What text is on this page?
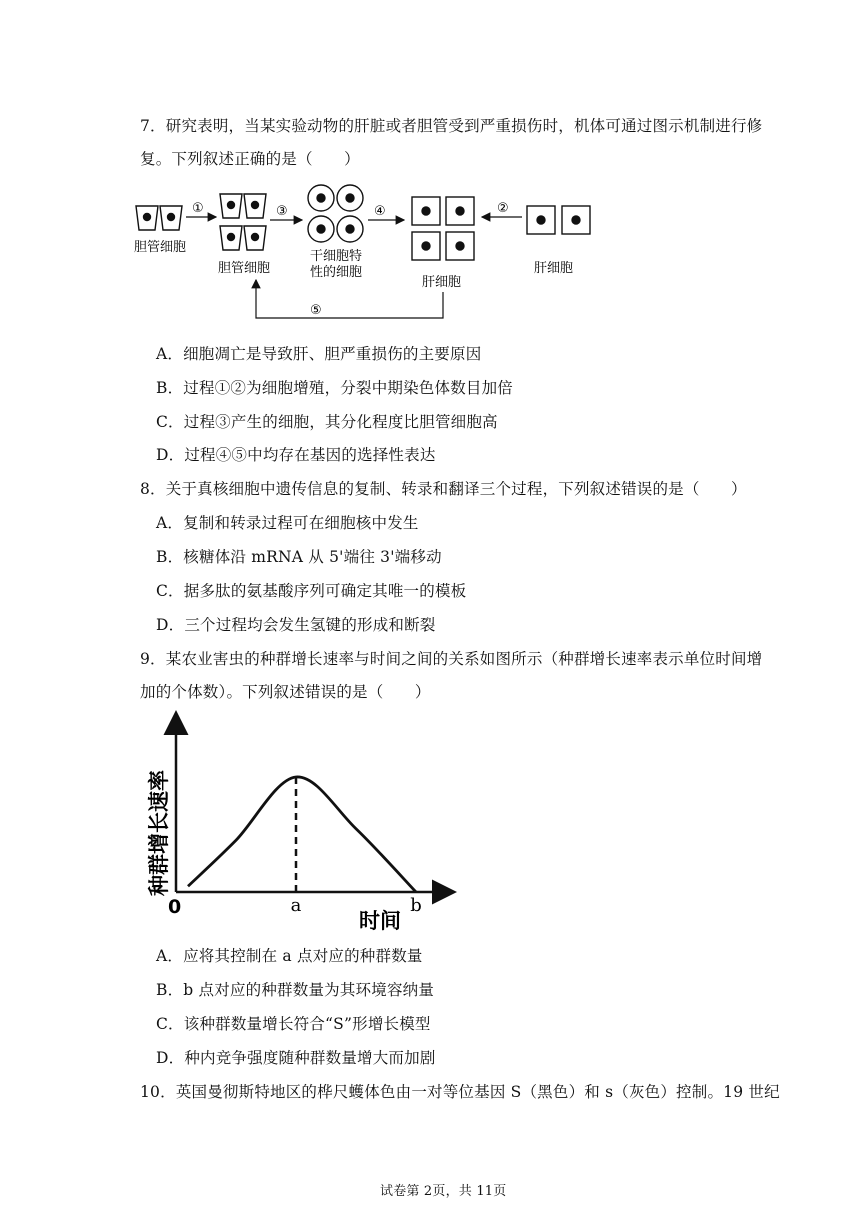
7．研究表明，当某实验动物的肝脏或者胆管受到严重损伤时，机体可通过图示机制进行修
复。下列叙述正确的是（　　）
胆管细胞
①
胆管细胞
③
干细胞特
性的细胞
④
肝细胞
②
肝细胞
⑤
A．细胞凋亡是导致肝、胆严重损伤的主要原因
B．过程①②为细胞增殖，分裂中期染色体数目加倍
C．过程③产生的细胞，其分化程度比胆管细胞高
D．过程④⑤中均存在基因的选择性表达
8．关于真核细胞中遗传信息的复制、转录和翻译三个过程，下列叙述错误的是（　　）
A．复制和转录过程可在细胞核中发生
B．核糖体沿 mRNA 从 5'端往 3'端移动
C．据多肽的氨基酸序列可确定其唯一的模板
D．三个过程均会发生氢键的形成和断裂
9．某农业害虫的种群增长速率与时间之间的关系如图所示（种群增长速率表示单位时间增
加的个体数）。下列叙述错误的是（　　）
种群增长速率
0	a	b
时间
A．应将其控制在 a 点对应的种群数量
B．b 点对应的种群数量为其环境容纳量
C．该种群数量增长符合“S”形增长模型
D．种内竞争强度随种群数量增大而加剧
10．英国曼彻斯特地区的桦尺蠖体色由一对等位基因 S（黑色）和 s（灰色）控制。19 世纪
试卷第 2页，共 11页
